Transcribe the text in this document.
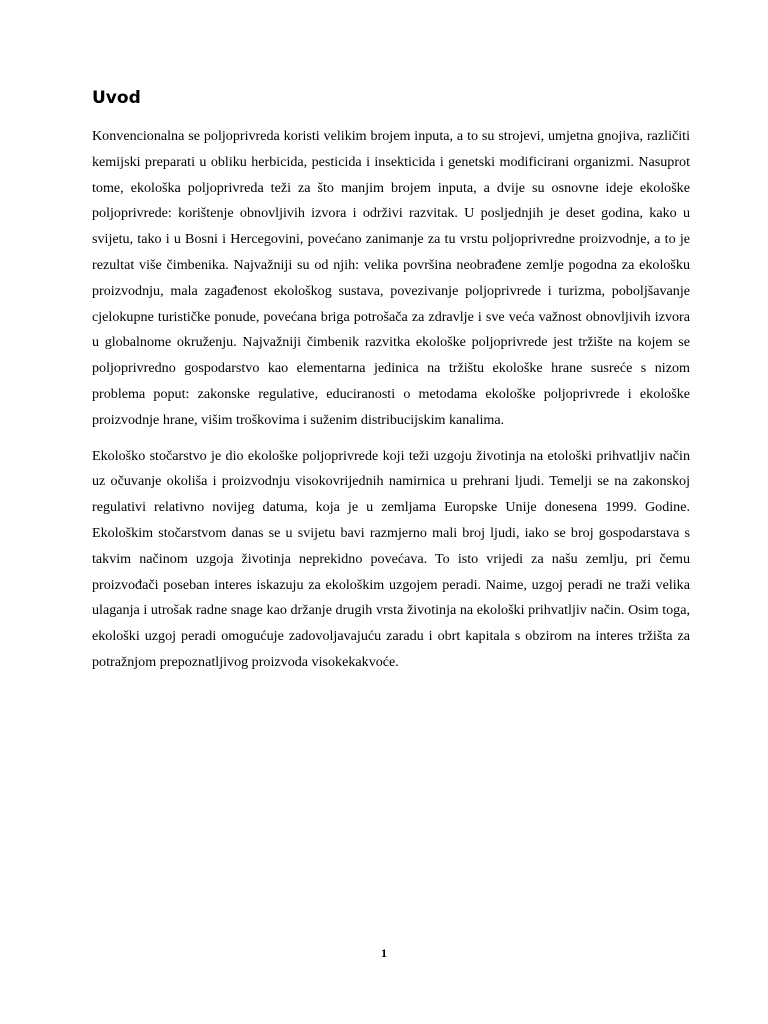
Uvod

Konvencionalna se poljoprivreda koristi velikim brojem inputa, a to su strojevi, umjetna gnojiva, različiti kemijski preparati u obliku herbicida, pesticida i insekticida i genetski modificirani organizmi. Nasuprot tome, ekološka poljoprivreda teži za što manjim brojem inputa, a dvije su osnovne ideje ekološke poljoprivrede: korištenje obnovljivih izvora i održivi razvitak. U posljednjih je deset godina, kako u svijetu, tako i u Bosni i Hercegovini, povećano zanimanje za tu vrstu poljoprivredne proizvodnje, a to je rezultat više čimbenika. Najvažniji su od njih: velika površina neobrađene zemlje pogodna za ekološku proizvodnju, mala zagađenost ekološkog sustava, povezivanje poljoprivrede i turizma, poboljšavanje cjelokupne turističke ponude, povećana briga potrošača za zdravlje i sve veća važnost obnovljivih izvora u globalnome okruženju. Najvažniji čimbenik razvitka ekološke poljoprivrede jest tržište na kojem se poljoprivredno gospodarstvo kao elementarna jedinica na tržištu ekološke hrane susreće s nizom problema poput: zakonske regulative, educiranosti o metodama ekološke poljoprivrede i ekološke proizvodnje hrane, višim troškovima i suženim distribucijskim kanalima.

Ekološko stočarstvo je dio ekološke poljoprivrede koji teži uzgoju životinja na etološki prihvatljiv način uz očuvanje okoliša i proizvodnju visokovrijednih namirnica u prehrani ljudi. Temelji se na zakonskoj regulativi relativno novijeg datuma, koja je u zemljama Europske Unije donesena 1999. Godine. Ekološkim stočarstvom danas se u svijetu bavi razmjerno mali broj ljudi, iako se broj gospodarstava s takvim načinom uzgoja životinja neprekidno povećava. To isto vrijedi za našu zemlju, pri čemu proizvođači poseban interes iskazuju za ekološkim uzgojem peradi. Naime, uzgoj peradi ne traži velika ulaganja i utrošak radne snage kao držanje drugih vrsta životinja na ekološki prihvatljiv način. Osim toga, ekološki uzgoj peradi omogućuje zadovoljavajuću zaradu i obrt kapitala s obzirom na interes tržišta za potražnjom prepoznatljivog proizvoda visokekakvoće.

1
